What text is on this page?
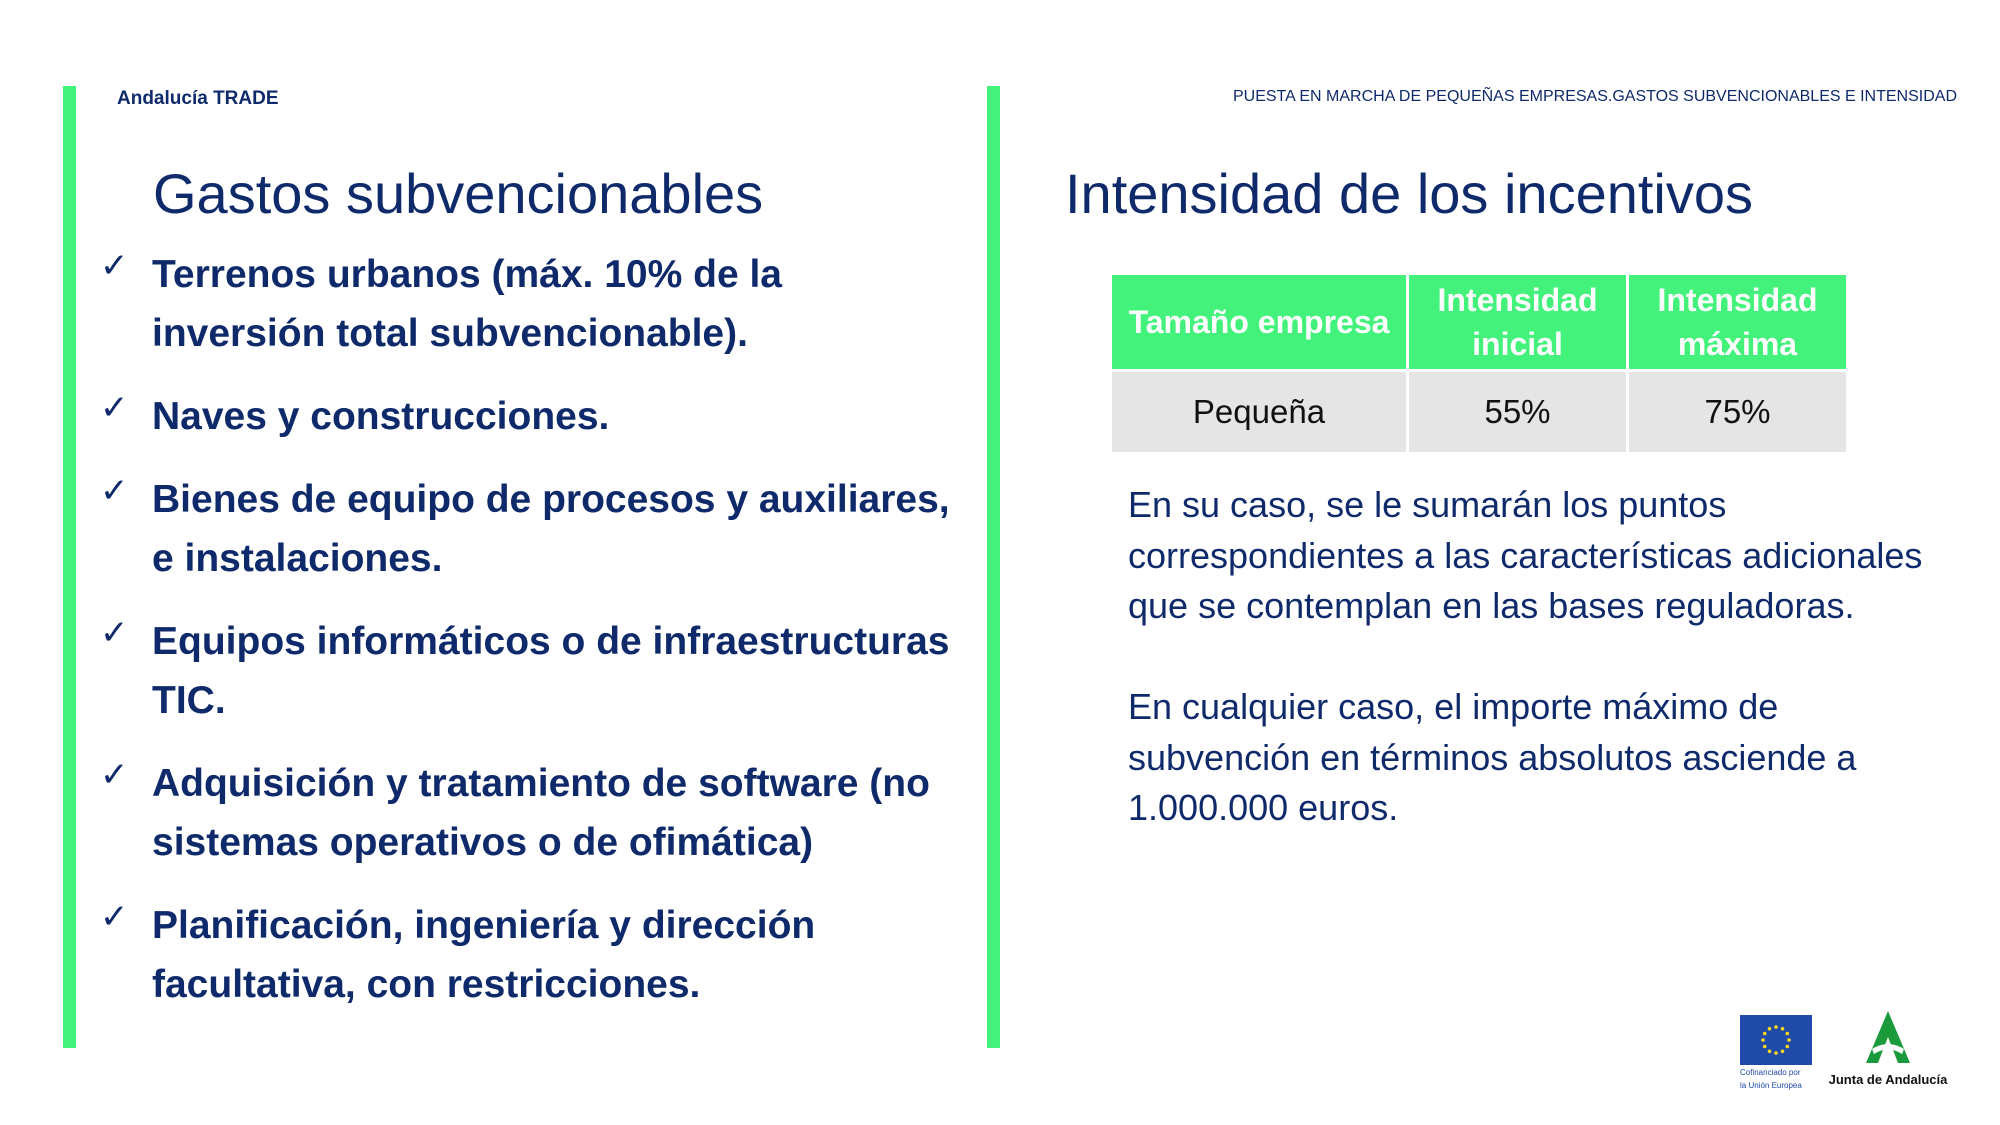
Andalucía TRADE	PUESTA EN MARCHA DE PEQUEÑAS EMPRESAS.GASTOS SUBVENCIONABLES E INTENSIDAD
Gastos subvencionables
✓ Terrenos urbanos (máx. 10% de la inversión total subvencionable).
✓ Naves y construcciones.
✓ Bienes de equipo de procesos y auxiliares, e instalaciones.
✓ Equipos informáticos o de infraestructuras TIC.
✓ Adquisición y tratamiento de software (no sistemas operativos o de ofimática)
✓ Planificación, ingeniería y dirección facultativa, con restricciones.
Intensidad de los incentivos
Tamaño empresa	Intensidad inicial	Intensidad máxima
Pequeña	55%	75%
En su caso, se le sumarán los puntos correspondientes a las características adicionales que se contemplan en las bases reguladoras.
En cualquier caso, el importe máximo de subvención en términos absolutos asciende a 1.000.000 euros.
Cofinanciado por
la Unión Europea	Junta de Andalucía
